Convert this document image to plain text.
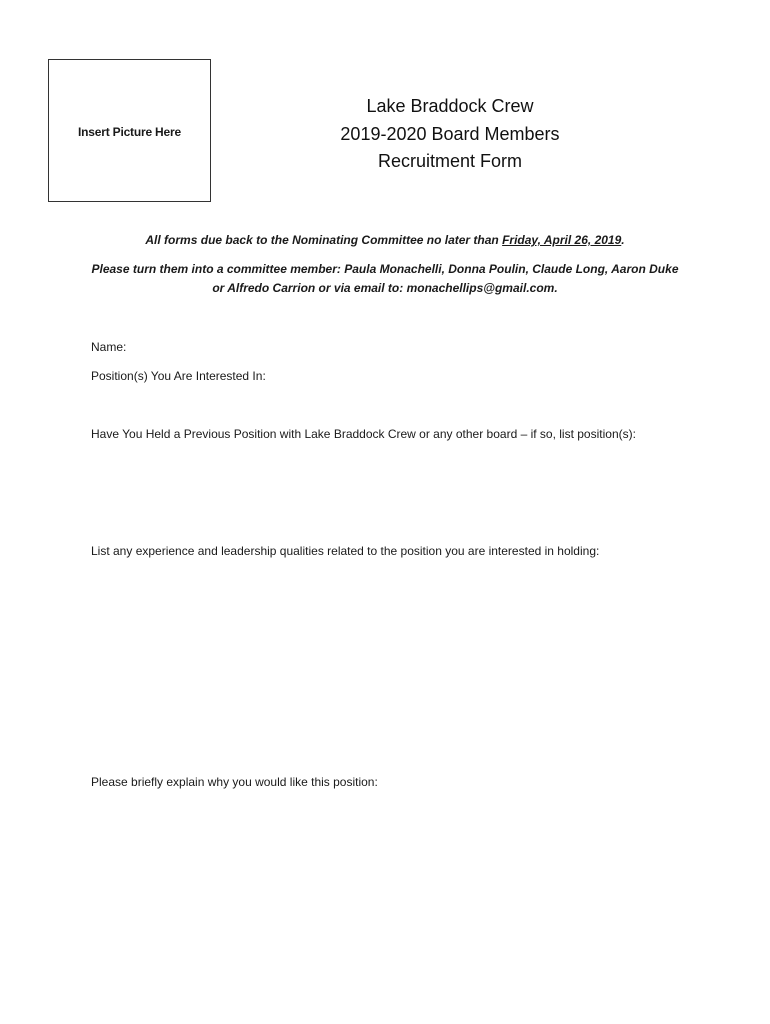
Insert Picture Here
Lake Braddock Crew
2019-2020 Board Members
Recruitment Form
All forms due back to the Nominating Committee no later than Friday, April 26, 2019.
Please turn them into a committee member: Paula Monachelli, Donna Poulin, Claude Long, Aaron Duke or Alfredo Carrion or via email to: monachellips@gmail.com.
Name:
Position(s) You Are Interested In:
Have You Held a Previous Position with Lake Braddock Crew or any other board – if so, list position(s):
List any experience and leadership qualities related to the position you are interested in holding:
Please briefly explain why you would like this position:
